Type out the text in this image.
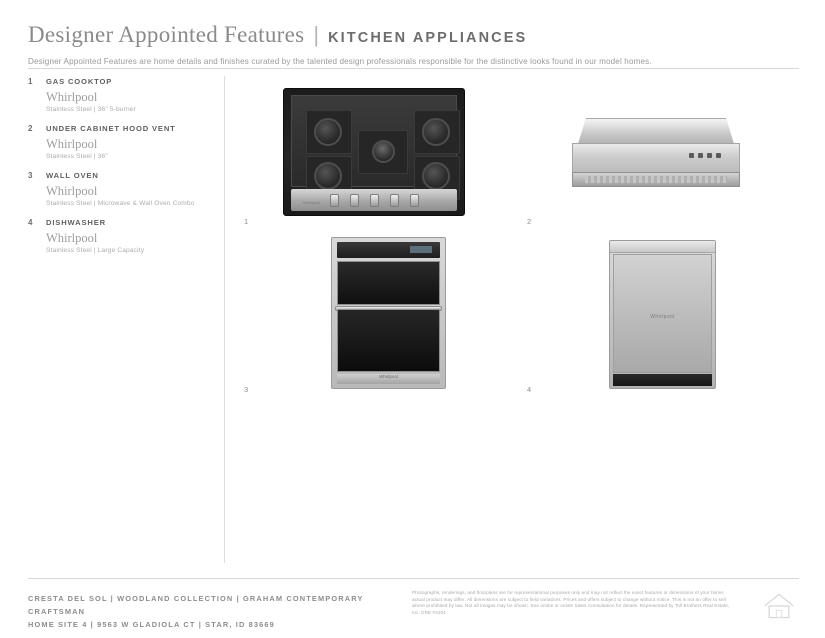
Designer Appointed Features | KITCHEN APPLIANCES
Designer Appointed Features are home details and finishes curated by the talented design professionals responsible for the distinctive looks found in our model homes.
1 GAS COOKTOP
Whirlpool
Stainless Steel | 36" 5-burner
2 UNDER CABINET HOOD VENT
Whirlpool
Stainless Steel | 36"
3 WALL OVEN
Whirlpool
Stainless Steel | Microwave & Wall Oven Combo
4 DISHWASHER
Whirlpool
Stainless Steel | Large Capacity
Whirlpool
1	2
Whirlpool
3
Whirlpool
4
CRESTA DEL SOL | WOODLAND COLLECTION | GRAHAM CONTEMPORARY CRAFTSMAN
HOME SITE 4 | 9563 W GLADIOLA CT | STAR, ID 83669
Photographs, renderings, and floorplans are for representational purposes only and may not reflect the exact features or dimensions of your home; actual product may differ. All dimensions are subject to field variations. Prices and offers subject to change without notice. This is not an offer to sell where prohibited by law. Not all images may be shown. See online or onsite Sales Consultation for details. Represented by Toll Brothers Real Estate, Inc. DRE #3104
